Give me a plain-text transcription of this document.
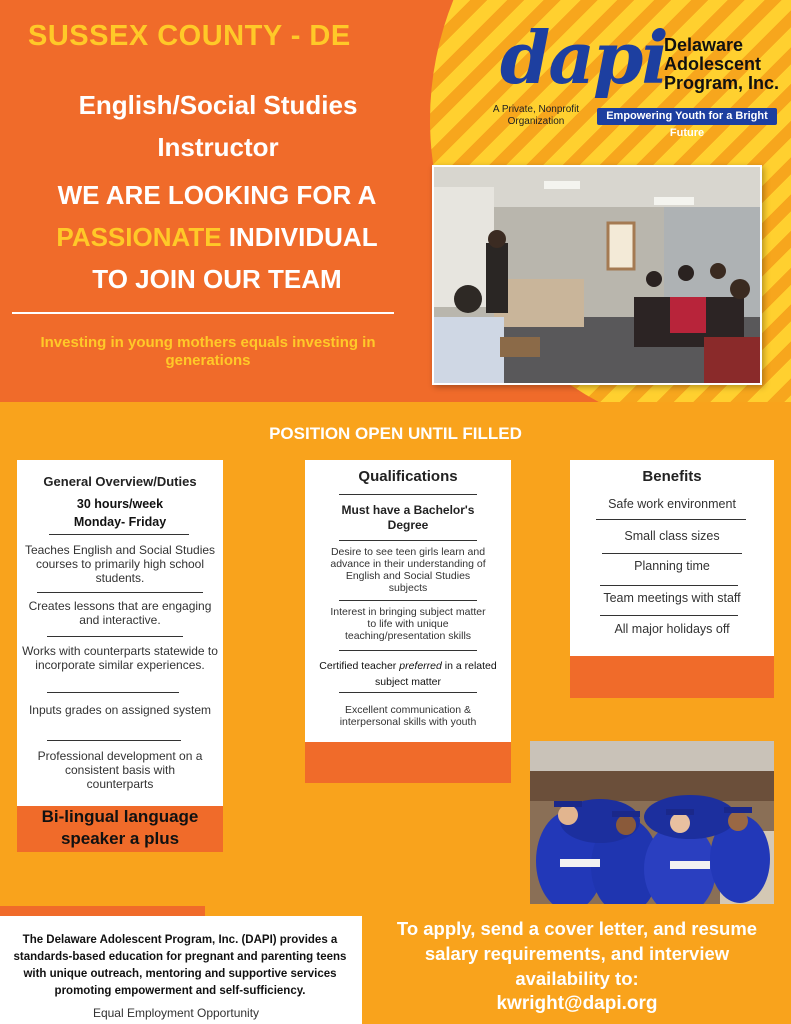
SUSSEX COUNTY - DE
English/Social Studies
Instructor
WE ARE LOOKING FOR A
PASSIONATE INDIVIDUAL
TO JOIN OUR TEAM
Investing in young mothers equals investing in generations
dapi
Delaware
Adolescent
Program, Inc.
A Private, Nonprofit Organization	Empowering Youth for a Bright Future
POSITION OPEN UNTIL FILLED
General Overview/Duties
30 hours/week
Monday- Friday
Teaches English and Social Studies courses to primarily high school students.
Creates lessons that are engaging and interactive.
Works with counterparts statewide to incorporate similar experiences.
Inputs grades on assigned system
Professional development on a consistent basis with counterparts
Bi-lingual language speaker a plus
Qualifications
Must have a Bachelor's Degree
Desire to see teen girls learn and advance in their understanding of English and Social Studies subjects
Interest in bringing subject matter to life with unique teaching/presentation skills
Certified teacher preferred in a related subject matter
Excellent communication & interpersonal skills with youth
Benefits
Safe work environment
Small class sizes
Planning time
Team meetings with staff
All major holidays off
The Delaware Adolescent Program, Inc. (DAPI) provides a standards-based education for pregnant and parenting teens with unique outreach, mentoring and supportive services promoting empowerment and self-sufficiency.
Equal Employment Opportunity
To apply, send a cover letter, and resume
salary requirements, and interview
availability to:
kwright@dapi.org
